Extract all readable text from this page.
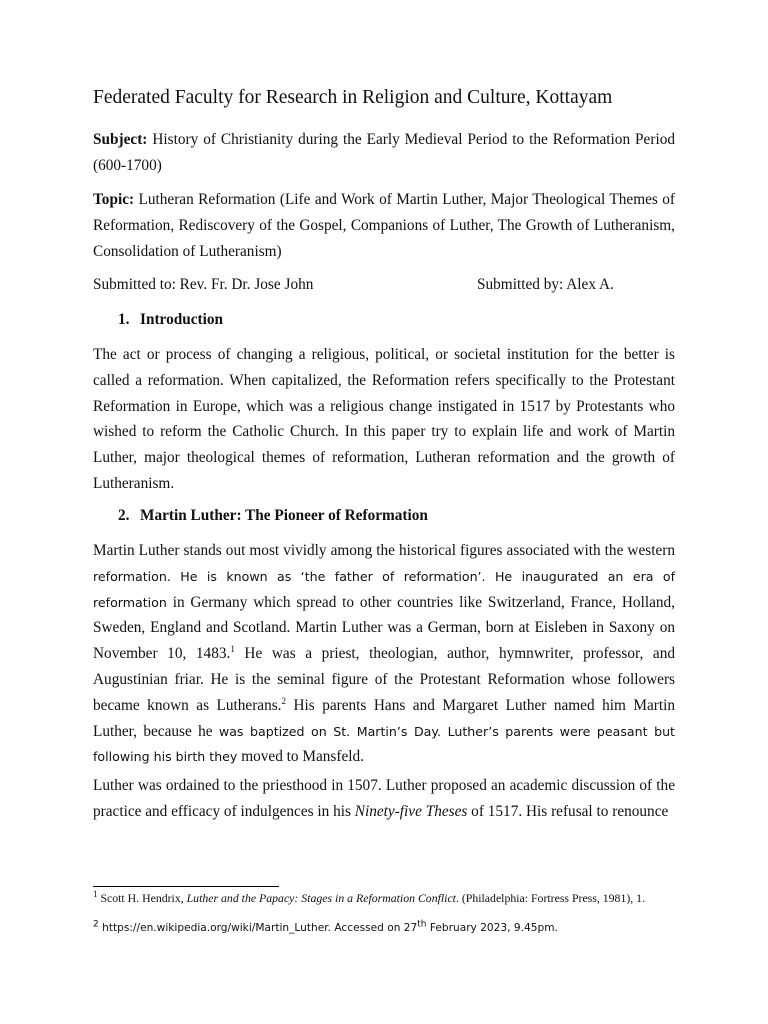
Federated Faculty for Research in Religion and Culture, Kottayam
Subject: History of Christianity during the Early Medieval Period to the Reformation Period (600-1700)
Topic: Lutheran Reformation (Life and Work of Martin Luther, Major Theological Themes of Reformation, Rediscovery of the Gospel, Companions of Luther, The Growth of Lutheranism, Consolidation of Lutheranism)
Submitted to: Rev. Fr. Dr. Jose John	Submitted by: Alex A.
1. Introduction
The act or process of changing a religious, political, or societal institution for the better is called a reformation. When capitalized, the Reformation refers specifically to the Protestant Reformation in Europe, which was a religious change instigated in 1517 by Protestants who wished to reform the Catholic Church. In this paper try to explain life and work of Martin Luther, major theological themes of reformation, Lutheran reformation and the growth of Lutheranism.
2. Martin Luther: The Pioneer of Reformation
Martin Luther stands out most vividly among the historical figures associated with the western reformation. He is known as ‘the father of reformation’. He inaugurated an era of reformation in Germany which spread to other countries like Switzerland, France, Holland, Sweden, England and Scotland. Martin Luther was a German, born at Eisleben in Saxony on November 10, 1483.$^1$ He was a priest, theologian, author, hymnwriter, professor, and Augustinian friar. He is the seminal figure of the Protestant Reformation whose followers became known as Lutherans.$^2$ His parents Hans and Margaret Luther named him Martin Luther, because he was baptized on St. Martin’s Day. Luther’s parents were peasant but following his birth they moved to Mansfeld.
Luther was ordained to the priesthood in 1507. Luther proposed an academic discussion of the practice and efficacy of indulgences in his Ninety-five Theses of 1517. His refusal to renounce
$^1$ Scott H. Hendrix, Luther and the Papacy: Stages in a Reformation Conflict. (Philadelphia: Fortress Press, 1981), 1.
$^2$ https://en.wikipedia.org/wiki/Martin_Luther. Accessed on 27th February 2023, 9.45pm.
